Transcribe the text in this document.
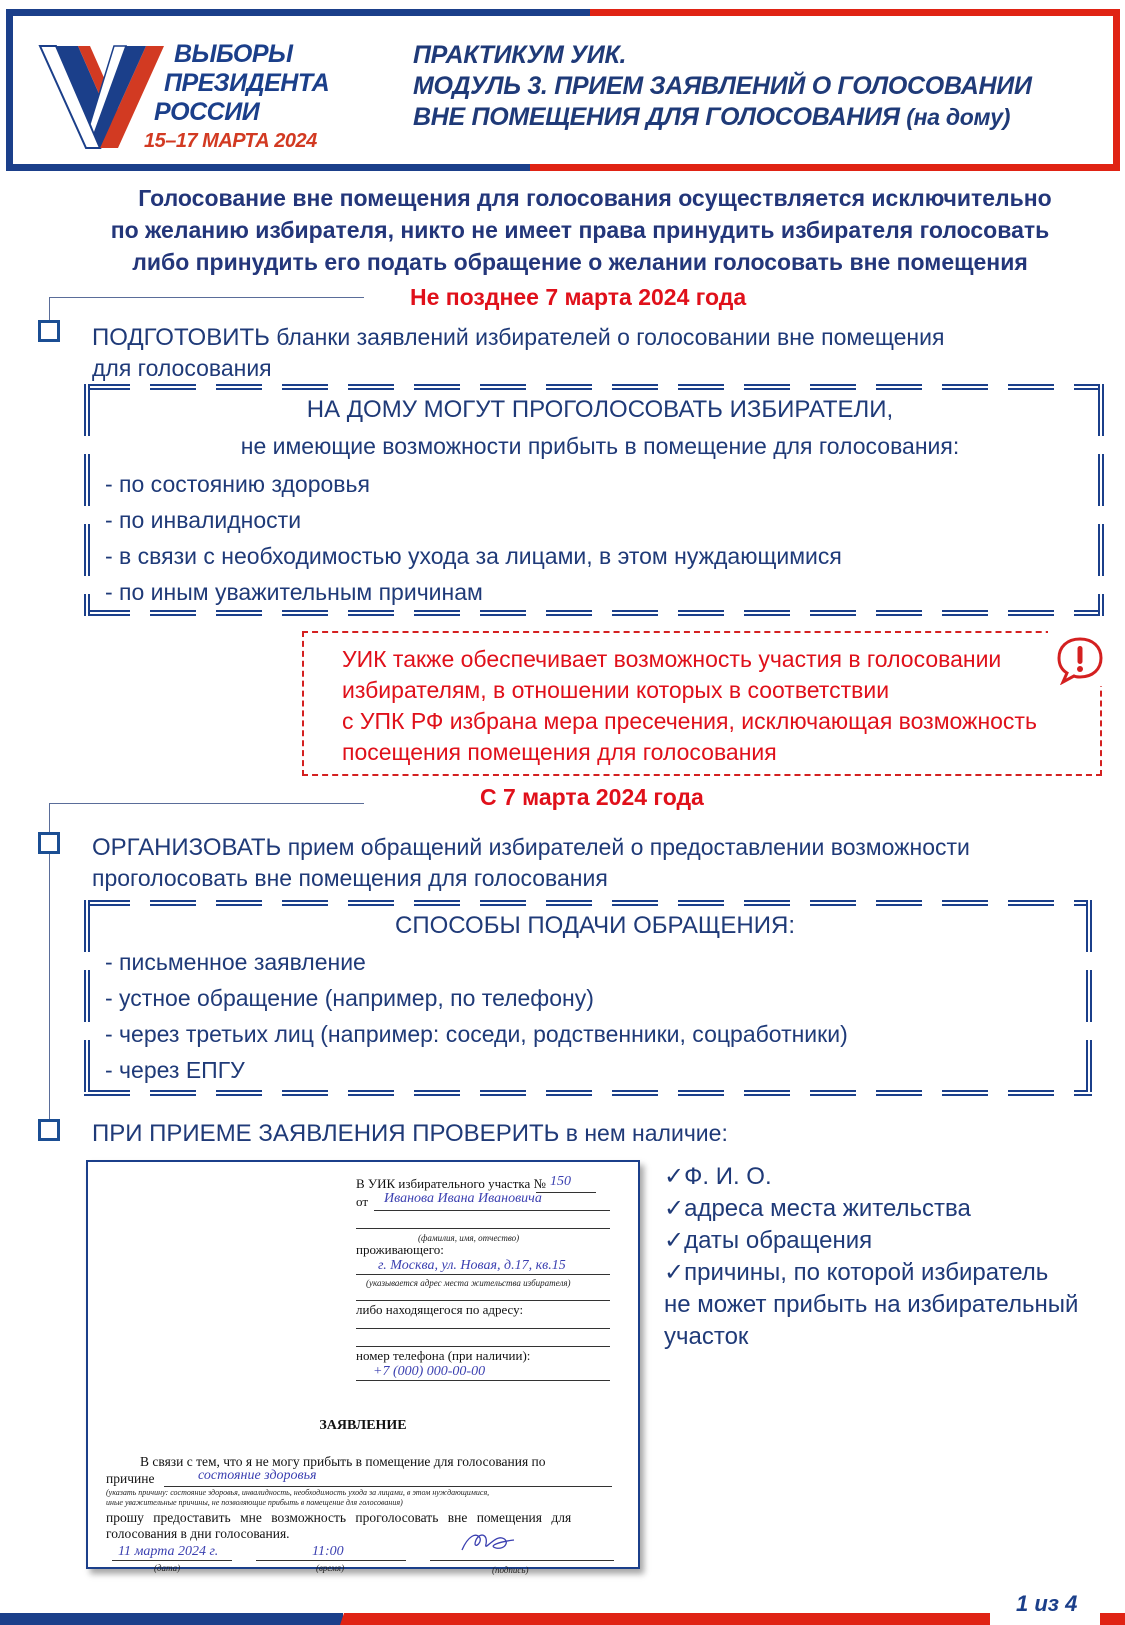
ВЫБОРЫ
ПРЕЗИДЕНТА
РОССИИ
15–17 МАРТА 2024
ПРАКТИКУМ УИК.
МОДУЛЬ 3. ПРИЕМ ЗАЯВЛЕНИЙ О ГОЛОСОВАНИИ
ВНЕ ПОМЕЩЕНИЯ ДЛЯ ГОЛОСОВАНИЯ (на дому)
Голосование вне помещения для голосования осуществляется исключительно
по желанию избирателя, никто не имеет права принудить избирателя голосовать
либо принудить его подать обращение о желании голосовать вне помещения
Не позднее 7 марта 2024 года
ПОДГОТОВИТЬ бланки заявлений избирателей о голосовании вне помещения
для голосования
НА ДОМУ МОГУТ ПРОГОЛОСОВАТЬ ИЗБИРАТЕЛИ,
не имеющие возможности прибыть в помещение для голосования:
- по состоянию здоровья
- по инвалидности
- в связи с необходимостью ухода за лицами, в этом нуждающимися
- по иным уважительным причинам
УИК также обеспечивает возможность участия в голосовании
избирателям, в отношении которых в соответствии
с УПК РФ избрана мера пресечения, исключающая возможность
посещения помещения для голосования
С 7 марта 2024 года
ОРГАНИЗОВАТЬ прием обращений избирателей о предоставлении возможности
проголосовать вне помещения для голосования
СПОСОБЫ ПОДАЧИ ОБРАЩЕНИЯ:
- письменное заявление
- устное обращение (например, по телефону)
- через третьих лиц (например: соседи, родственники, соцработники)
- через ЕПГУ
ПРИ ПРИЕМЕ ЗАЯВЛЕНИЯ ПРОВЕРИТЬ в нем наличие:
В УИК избирательного участка № 150
от Иванова Ивана Ивановича
(фамилия, имя, отчество)
проживающего:
г. Москва, ул. Новая, д.17, кв.15
(указывается адрес места жительства избирателя)
либо находящегося по адресу:
номер телефона (при наличии):
+7 (000) 000-00-00
ЗАЯВЛЕНИЕ
В связи с тем, что я не могу прибыть в помещение для голосования по
причине	состояние здоровья
(указать причину: состояние здоровья, инвалидность, необходимость ухода за лицами, в этом нуждающимися,
иные уважительные причины, не позволяющие прибыть в помещение для голосования)
прошу предоставить мне возможность проголосовать вне помещения для
голосования в дни голосования.
11 марта 2024 г.
(дата)
11:00
(время)	(подпись)
✓Ф. И. О.
✓адреса места жительства
✓даты обращения
✓причины, по которой избиратель
не может прибыть на избирательный
участок
1 из 4
